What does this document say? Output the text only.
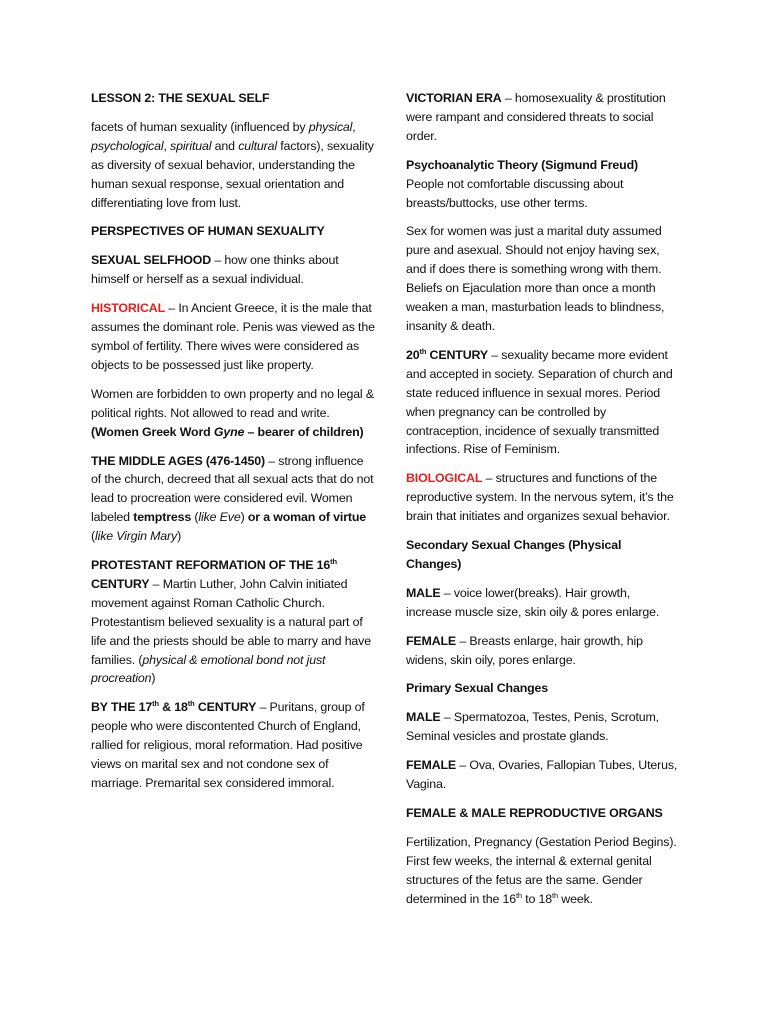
LESSON 2: THE SEXUAL SELF

facets of human sexuality (influenced by physical, psychological, spiritual and cultural factors), sexuality as diversity of sexual behavior, understanding the human sexual response, sexual orientation and differentiating love from lust.

PERSPECTIVES OF HUMAN SEXUALITY

SEXUAL SELFHOOD – how one thinks about himself or herself as a sexual individual.

HISTORICAL – In Ancient Greece, it is the male that assumes the dominant role. Penis was viewed as the symbol of fertility. There wives were considered as objects to be possessed just like property.

Women are forbidden to own property and no legal & political rights. Not allowed to read and write. (Women Greek Word Gyne – bearer of children)

THE MIDDLE AGES (476-1450) – strong influence of the church, decreed that all sexual acts that do not lead to procreation were considered evil. Women labeled temptress (like Eve) or a woman of virtue (like Virgin Mary)

PROTESTANT REFORMATION OF THE 16th CENTURY – Martin Luther, John Calvin initiated movement against Roman Catholic Church. Protestantism believed sexuality is a natural part of life and the priests should be able to marry and have families. (physical & emotional bond not just procreation)

BY THE 17th & 18th CENTURY – Puritans, group of people who were discontented Church of England, rallied for religious, moral reformation. Had positive views on marital sex and not condone sex of marriage. Premarital sex considered immoral.

VICTORIAN ERA – homosexuality & prostitution were rampant and considered threats to social order.

Psychoanalytic Theory (Sigmund Freud)
People not comfortable discussing about breasts/buttocks, use other terms.

Sex for women was just a marital duty assumed pure and asexual. Should not enjoy having sex, and if does there is something wrong with them. Beliefs on Ejaculation more than once a month weaken a man, masturbation leads to blindness, insanity & death.

20th CENTURY – sexuality became more evident and accepted in society. Separation of church and state reduced influence in sexual mores. Period when pregnancy can be controlled by contraception, incidence of sexually transmitted infections. Rise of Feminism.

BIOLOGICAL – structures and functions of the reproductive system. In the nervous sytem, it’s the brain that initiates and organizes sexual behavior.

Secondary Sexual Changes (Physical Changes)

MALE – voice lower(breaks). Hair growth, increase muscle size, skin oily & pores enlarge.

FEMALE – Breasts enlarge, hair growth, hip widens, skin oily, pores enlarge.

Primary Sexual Changes

MALE – Spermatozoa, Testes, Penis, Scrotum, Seminal vesicles and prostate glands.

FEMALE – Ova, Ovaries, Fallopian Tubes, Uterus, Vagina.

FEMALE & MALE REPRODUCTIVE ORGANS

Fertilization, Pregnancy (Gestation Period Begins). First few weeks, the internal & external genital structures of the fetus are the same. Gender determined in the 16th to 18th week.
